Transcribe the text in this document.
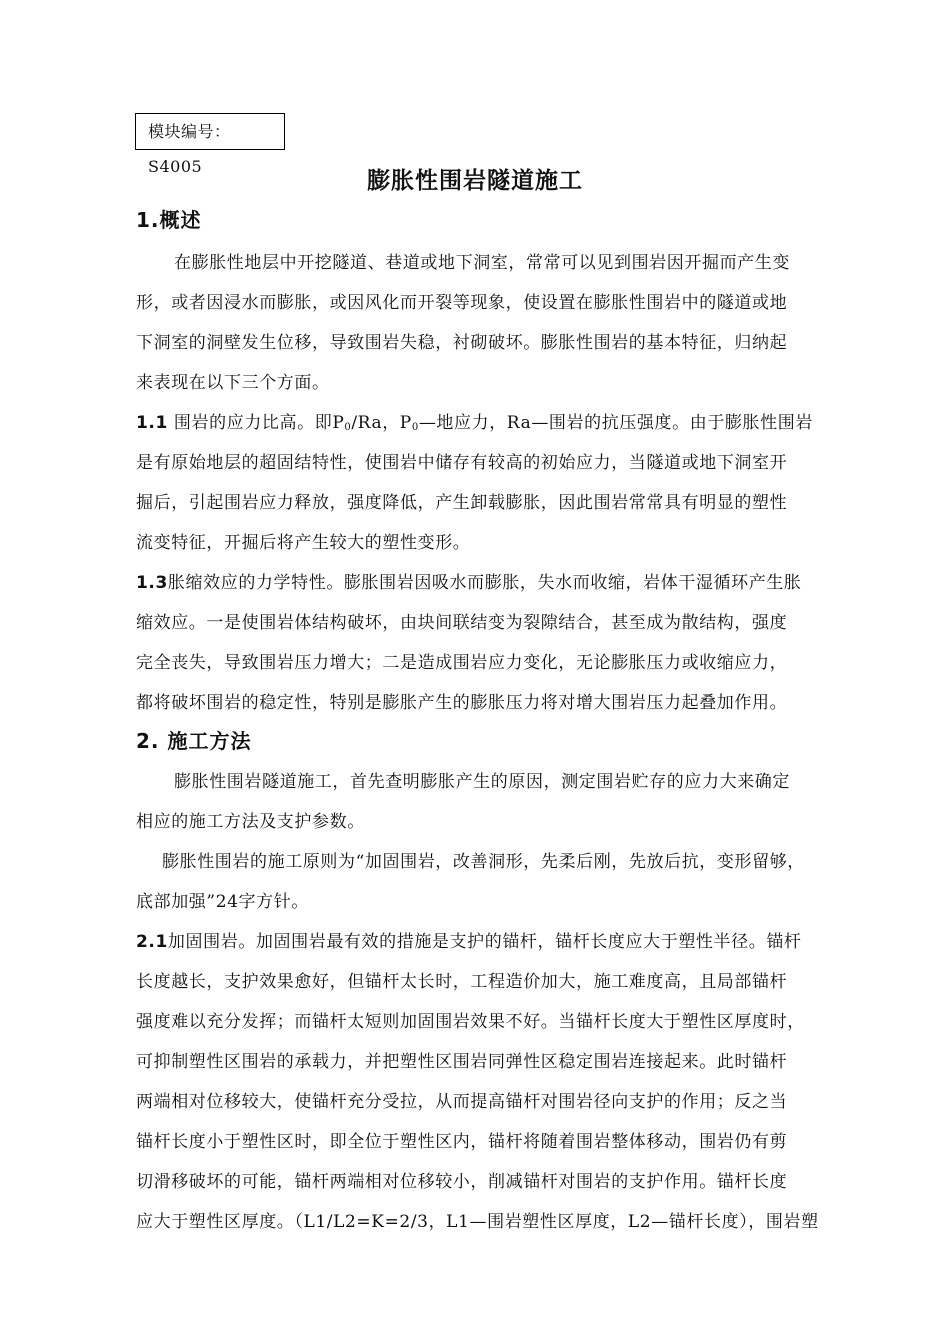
模块编号：S4005
膨胀性围岩隧道施工
1.概述
在膨胀性地层中开挖隧道、巷道或地下洞室，常常可以见到围岩因开掘而产生变
形，或者因浸水而膨胀，或因风化而开裂等现象，使设置在膨胀性围岩中的隧道或地
下洞室的洞壁发生位移，导致围岩失稳，衬砌破坏。膨胀性围岩的基本特征，归纳起
来表现在以下三个方面。
1.1 围岩的应力比高。即$P_0/Ra$，$P_0—$地应力，Ra—围岩的抗压强度。由于膨胀性围岩
是有原始地层的超固结特性，使围岩中储存有较高的初始应力，当隧道或地下洞室开
掘后，引起围岩应力释放，强度降低，产生卸载膨胀，因此围岩常常具有明显的塑性
流变特征，开掘后将产生较大的塑性变形。
1.3胀缩效应的力学特性。膨胀围岩因吸水而膨胀，失水而收缩，岩体干湿循环产生胀
缩效应。一是使围岩体结构破坏，由块间联结变为裂隙结合，甚至成为散结构，强度
完全丧失，导致围岩压力增大；二是造成围岩应力变化，无论膨胀压力或收缩应力，
都将破坏围岩的稳定性，特别是膨胀产生的膨胀压力将对增大围岩压力起叠加作用。
2. 施工方法
膨胀性围岩隧道施工，首先查明膨胀产生的原因，测定围岩贮存的应力大来确定
相应的施工方法及支护参数。
膨胀性围岩的施工原则为“加固围岩，改善洞形，先柔后刚，先放后抗，变形留够，
底部加强”24字方针。
2.1加固围岩。加固围岩最有效的措施是支护的锚杆，锚杆长度应大于塑性半径。锚杆
长度越长，支护效果愈好，但锚杆太长时，工程造价加大，施工难度高，且局部锚杆
强度难以充分发挥；而锚杆太短则加固围岩效果不好。当锚杆长度大于塑性区厚度时，
可抑制塑性区围岩的承载力，并把塑性区围岩同弹性区稳定围岩连接起来。此时锚杆
两端相对位移较大，使锚杆充分受拉，从而提高锚杆对围岩径向支护的作用；反之当
锚杆长度小于塑性区时，即全位于塑性区内，锚杆将随着围岩整体移动，围岩仍有剪
切滑移破坏的可能，锚杆两端相对位移较小，削减锚杆对围岩的支护作用。锚杆长度
应大于塑性区厚度。（L1/L2=K=2/3，L1—围岩塑性区厚度，L2—锚杆长度），围岩塑
